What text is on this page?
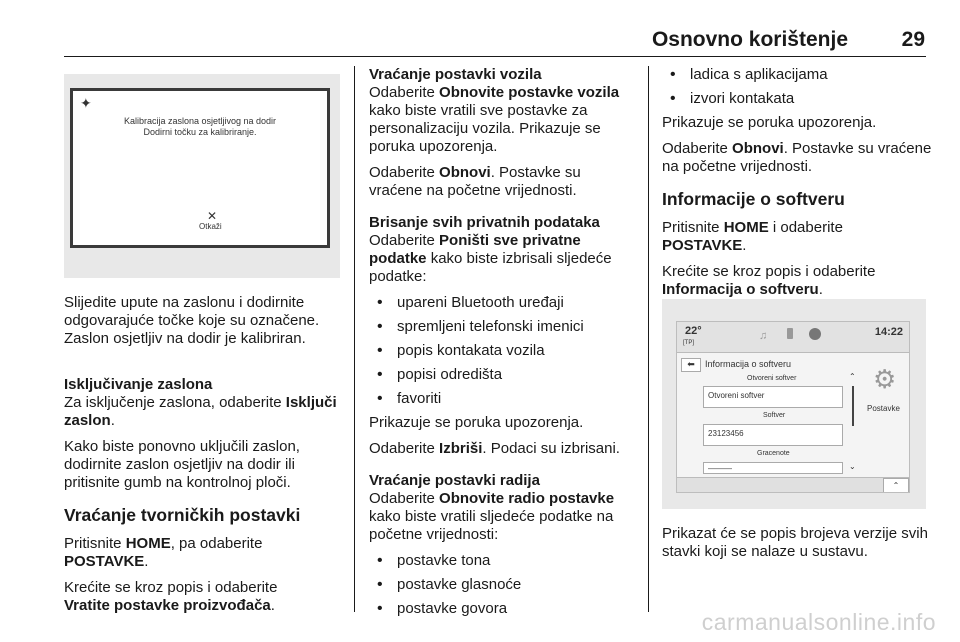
Osnovno korištenje	29
✦
Kalibracija zaslona osjetljivog na dodir
Dodirni točku za kalibriranje.
✕
Otkaži

Slijedite upute na zaslonu i dodirnite odgovarajuće točke koje su označene. Zaslon osjetljiv na dodir je kalibriran.

Isključivanje zaslona

Za isključenje zaslona, odaberite Isključi zaslon.

Kako biste ponovno uključili zaslon, dodirnite zaslon osjetljiv na dodir ili pritisnite gumb na kontrolnoj ploči.

Vraćanje tvorničkih postavki

Pritisnite HOME, pa odaberite
POSTAVKE.

Krećite se kroz popis i odaberite
Vratite postavke proizvođača.

Vraćanje postavki vozila

Odaberite Obnovite postavke vozila kako biste vratili sve postavke za personalizaciju vozila. Prikazuje se poruka upozorenja.

Odaberite Obnovi. Postavke su vraćene na početne vrijednosti.

Brisanje svih privatnih podataka

Odaberite Poništi sve privatne podatke kako biste izbrisali sljedeće podatke:

• upareni Bluetooth uređaji
• spremljeni telefonski imenici
• popis kontakata vozila
• popisi odredišta
• favoriti

Prikazuje se poruka upozorenja.

Odaberite Izbriši. Podaci su izbrisani.

Vraćanje postavki radija

Odaberite Obnovite radio postavke kako biste vratili sljedeće podatke na početne vrijednosti:

• postavke tona
• postavke glasnoće
• postavke govora
• ladica s aplikacijama
• izvori kontakata

Prikazuje se poruka upozorenja.

Odaberite Obnovi. Postavke su vraćene na početne vrijednosti.

Informacije o softveru

Pritisnite HOME i odaberite
POSTAVKE.

Krećite se kroz popis i odaberite
Informacija o softveru.

22°
[TP]
♫	14:22
⬅	Informacija o softveru
Otvoreni softver
Otvoreni softver
Softver
23123456
Gracenote
———
⌃
⌄
⚙
Postavke
⌃

Prikazat će se popis brojeva verzije svih stavki koji se nalaze u sustavu.

carmanualsonline.info
